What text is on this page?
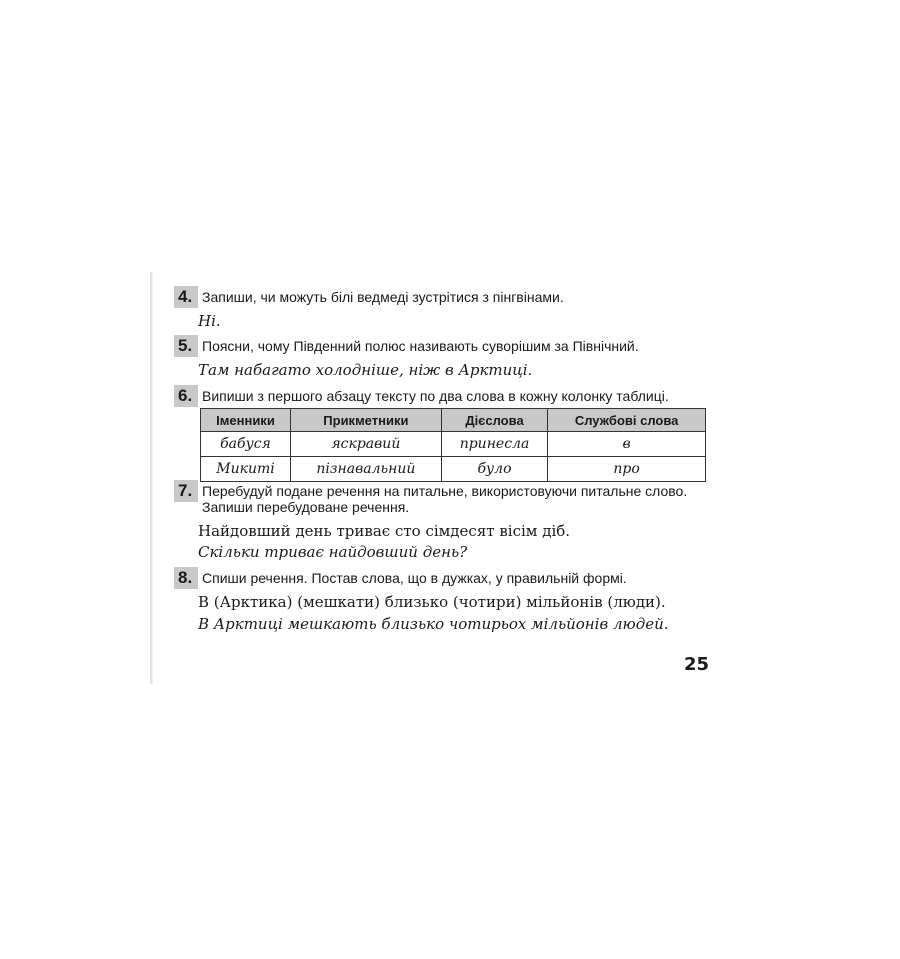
4. Запиши, чи можуть білі ведмеді зустрітися з пінгвінами.
Ні.
5. Поясни, чому Південний полюс називають суворішим за Північний.
Там набагато холодніше, ніж в Арктиці.
6. Випиши з першого абзацу тексту по два слова в кожну колонку таблиці.
Іменники	Прикметники	Дієслова	Службові слова
бабуся	яскравий	принесла	в
Микиті	пізнавальний	було	про
7. Перебудуй подане речення на питальне, використовуючи питальне слово.
Запиши перебудоване речення.
Найдовший день триває сто сімдесят вісім діб.
Скільки триває найдовший день?
8. Спиши речення. Постав слова, що в дужках, у правильній формі.
В (Арктика) (мешкати) близько (чотири) мільйонів (люди).
В Арктиці мешкають близько чотирьох мільйонів людей.
25
